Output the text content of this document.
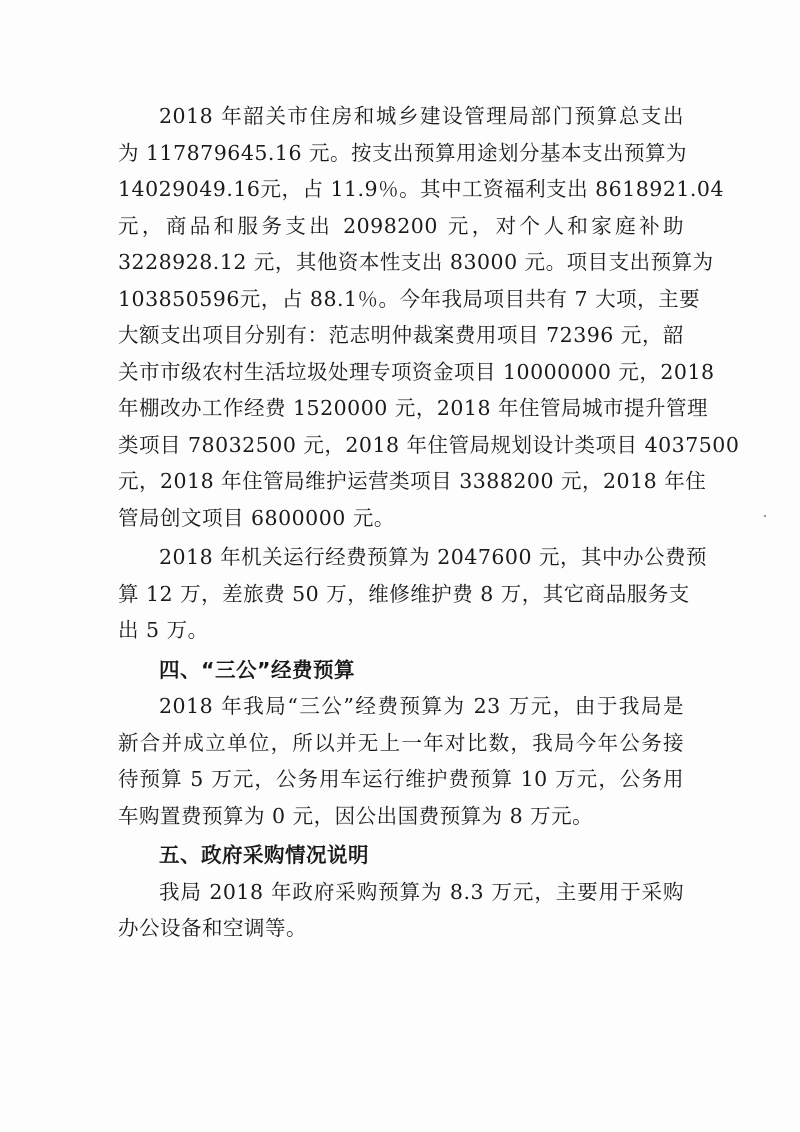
2018 年韶关市住房和城乡建设管理局部门预算总支出
为 117879645.16 元。按支出预算用途划分基本支出预算为
14029049.16元，占 11.9％。其中工资福利支出 8618921.04
元，商品和服务支出 2098200 元，对个人和家庭补助
3228928.12 元，其他资本性支出 83000 元。项目支出预算为
103850596元，占 88.1％。今年我局项目共有 7 大项，主要
大额支出项目分别有：范志明仲裁案费用项目 72396 元，韶
关市市级农村生活垃圾处理专项资金项目 10000000 元，2018
年棚改办工作经费 1520000 元，2018 年住管局城市提升管理
类项目 78032500 元，2018 年住管局规划设计类项目 4037500
元，2018 年住管局维护运营类项目 3388200 元，2018 年住
管局创文项目 6800000 元。
2018 年机关运行经费预算为 2047600 元，其中办公费预
算 12 万，差旅费 50 万，维修维护费 8 万，其它商品服务支
出 5 万。
四、“三公”经费预算
2018 年我局“三公”经费预算为 23 万元，由于我局是
新合并成立单位，所以并无上一年对比数，我局今年公务接
待预算 5 万元，公务用车运行维护费预算 10 万元，公务用
车购置费预算为 0 元，因公出国费预算为 8 万元。
五、政府采购情况说明
我局 2018 年政府采购预算为 8.3 万元，主要用于采购
办公设备和空调等。
